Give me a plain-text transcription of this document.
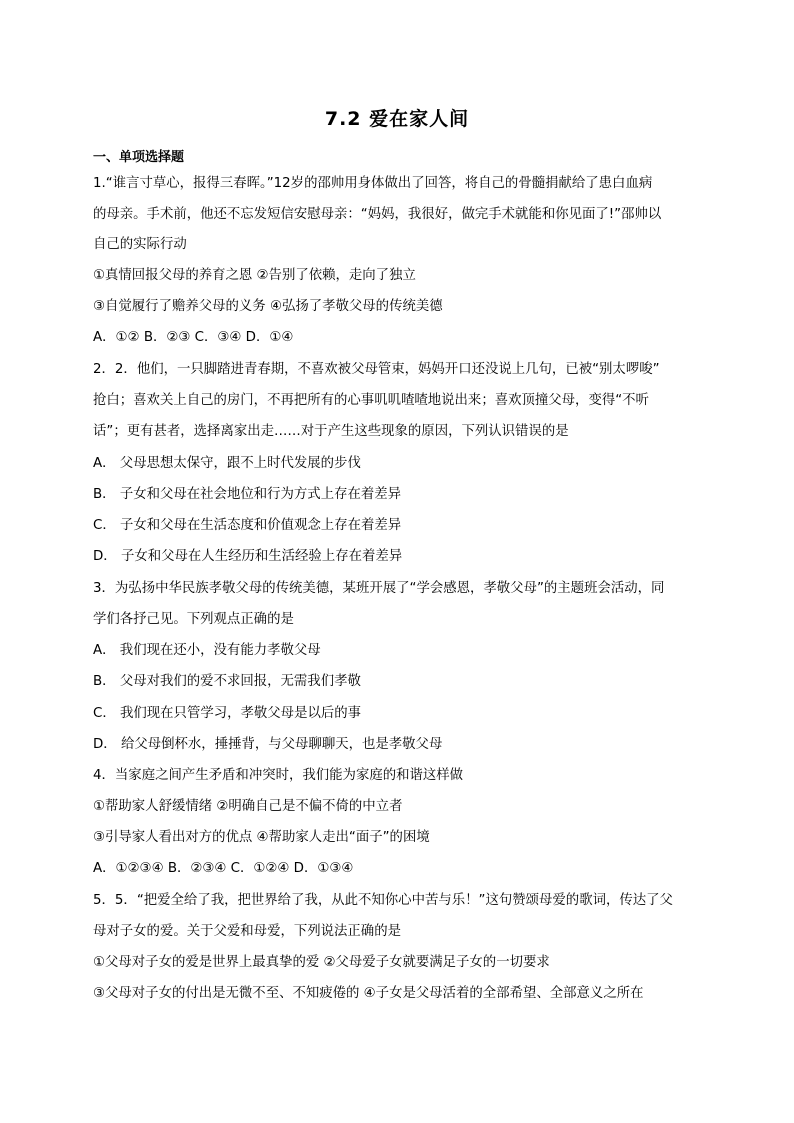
7.2 爱在家人间
一、单项选择题
1.“谁言寸草心，报得三春晖。”12岁的邵帅用身体做出了回答，将自己的骨髓捐献给了患白血病
的母亲。手术前，他还不忘发短信安慰母亲：“妈妈，我很好，做完手术就能和你见面了!”邵帅以
自己的实际行动
①真情回报父母的养育之恩 ②告别了依赖，走向了独立
③自觉履行了赡养父母的义务 ④弘扬了孝敬父母的传统美德
A．①② B．②③ C．③④ D．①④
2．2．他们，一只脚踏进青春期，不喜欢被父母管束，妈妈开口还没说上几句，已被“别太啰唆”
抢白；喜欢关上自己的房门，不再把所有的心事叽叽喳喳地说出来；喜欢顶撞父母，变得“不听
话”；更有甚者，选择离家出走……对于产生这些现象的原因，下列认识错误的是
A． 父母思想太保守，跟不上时代发展的步伐
B． 子女和父母在社会地位和行为方式上存在着差异
C． 子女和父母在生活态度和价值观念上存在着差异
D． 子女和父母在人生经历和生活经验上存在着差异
3．为弘扬中华民族孝敬父母的传统美德，某班开展了“学会感恩，孝敬父母”的主题班会活动，同
学们各抒己见。下列观点正确的是
A． 我们现在还小，没有能力孝敬父母
B． 父母对我们的爱不求回报，无需我们孝敬
C． 我们现在只管学习，孝敬父母是以后的事
D． 给父母倒杯水，捶捶背，与父母聊聊天，也是孝敬父母
4．当家庭之间产生矛盾和冲突时，我们能为家庭的和谐这样做
①帮助家人舒缓情绪 ②明确自己是不偏不倚的中立者
③引导家人看出对方的优点 ④帮助家人走出“面子”的困境
A．①②③④ B．②③④ C．①②④ D．①③④
5．5．“把爱全给了我，把世界给了我，从此不知你心中苦与乐！”这句赞颂母爱的歌词，传达了父
母对子女的爱。关于父爱和母爱，下列说法正确的是
①父母对子女的爱是世界上最真挚的爱 ②父母爱子女就要满足子女的一切要求
③父母对子女的付出是无微不至、不知疲倦的 ④子女是父母活着的全部希望、全部意义之所在
